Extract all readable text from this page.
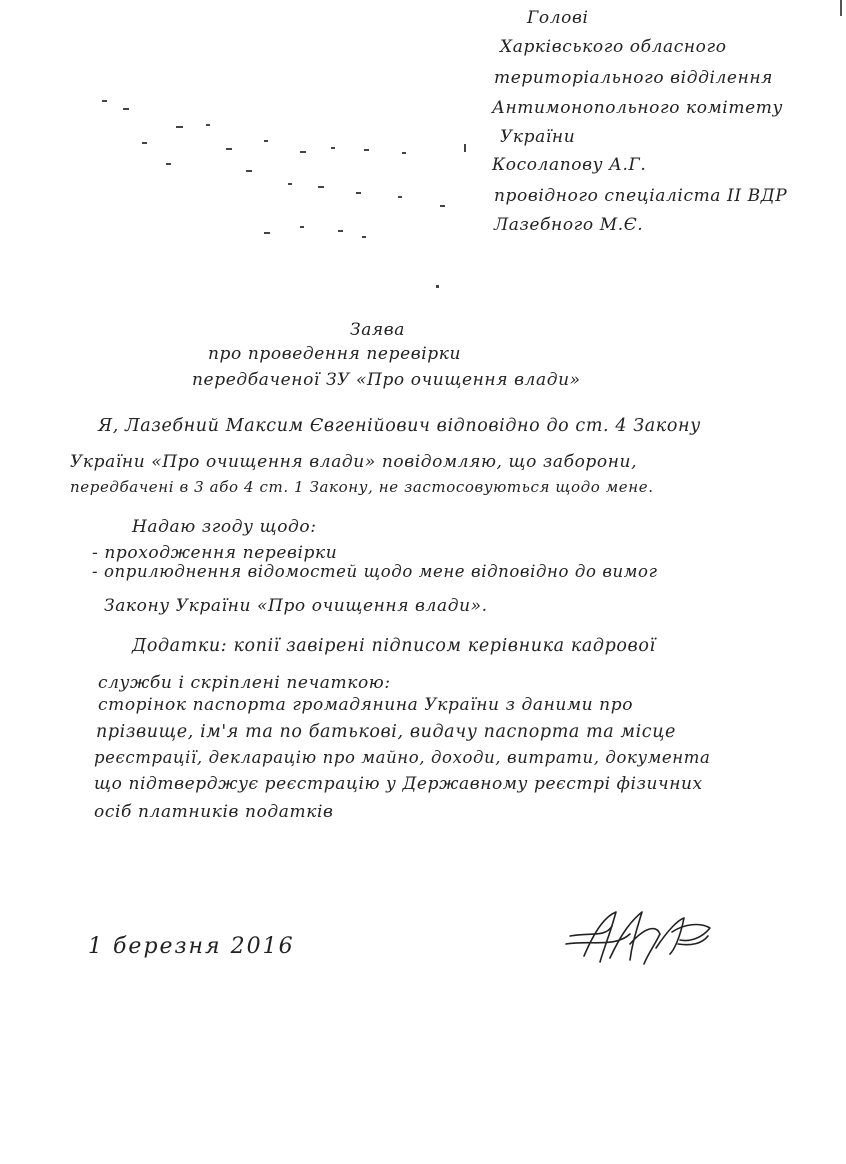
Голові
Харківського обласного
територіального відділення
Антимонопольного комітету
України
Косолапову А.Г.
провідного спеціаліста II ВДР
Лазебного М.Є.
Заява
про проведення перевірки
передбаченої ЗУ «Про очищення влади»
Я, Лазебний Максим Євгенійович відповідно до ст. 4 Закону
України «Про очищення влади» повідомляю, що заборони,
передбачені в 3 або 4 ст. 1 Закону, не застосовуються щодо мене.
Надаю згоду щодо:
- проходження перевірки
- оприлюднення відомостей щодо мене відповідно до вимог
Закону України «Про очищення влади».
Додатки: копії завірені підписом керівника кадрової
служби і скріплені печаткою:
сторінок паспорта громадянина України з даними про
прізвище, ім'я та по батькові, видачу паспорта та місце
реєстрації, декларацію про майно, доходи, витрати, документа
що підтверджує реєстрацію у Державному реєстрі фізичних
осіб платників податків
1 березня 2016
